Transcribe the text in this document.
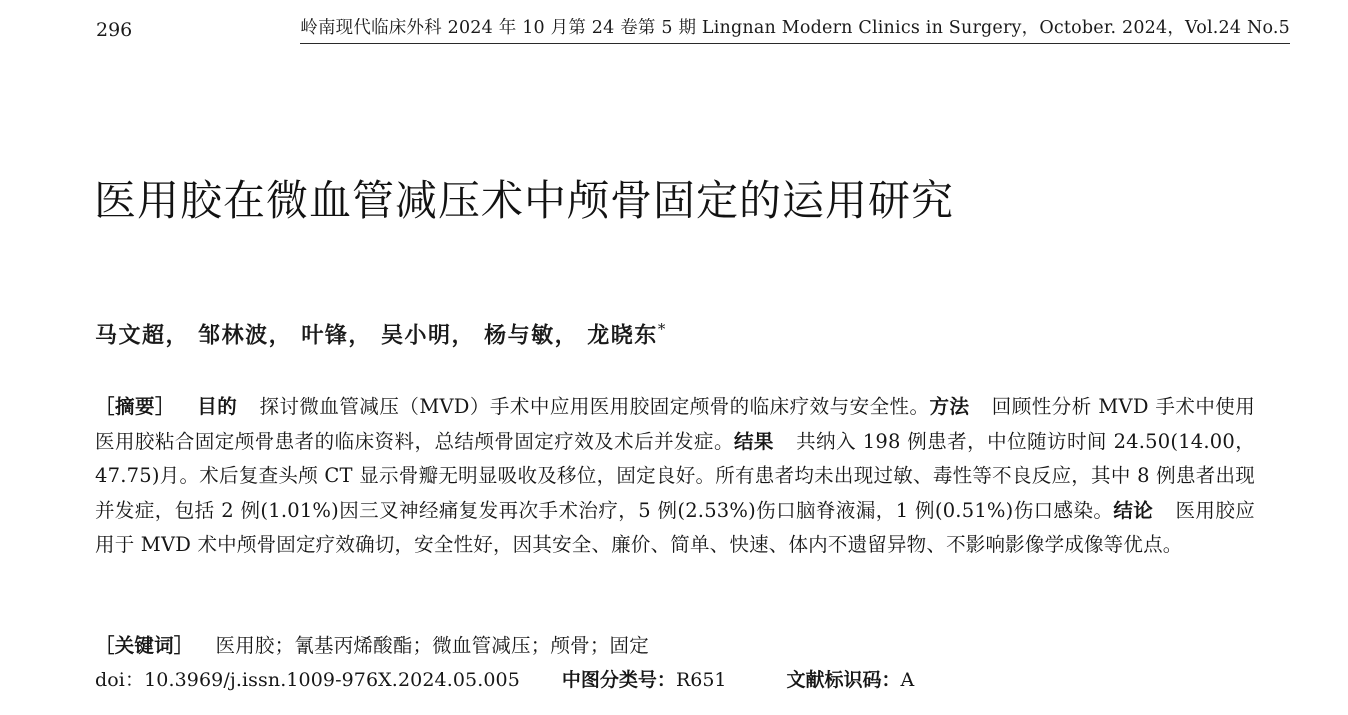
296	岭南现代临床外科 2024 年 10 月第 24 卷第 5 期 Lingnan Modern Clinics in Surgery，October. 2024，Vol.24 No.5
医用胶在微血管减压术中颅骨固定的运用研究
马文超， 邹林波， 叶锋， 吴小明， 杨与敏， 龙晓东*
［摘要］ 目的 探讨微血管减压（MVD）手术中应用医用胶固定颅骨的临床疗效与安全性。方法 回顾性分析 MVD 手术中使用医用胶粘合固定颅骨患者的临床资料，总结颅骨固定疗效及术后并发症。结果 共纳入 198 例患者，中位随访时间 24.50(14.00，47.75)月。术后复查头颅 CT 显示骨瓣无明显吸收及移位，固定良好。所有患者均未出现过敏、毒性等不良反应，其中 8 例患者出现并发症，包括 2 例(1.01%)因三叉神经痛复发再次手术治疗，5 例(2.53%)伤口脑脊液漏，1 例(0.51%)伤口感染。结论 医用胶应用于 MVD 术中颅骨固定疗效确切，安全性好，因其安全、廉价、简单、快速、体内不遗留异物、不影响影像学成像等优点。
［关键词］ 医用胶；氰基丙烯酸酯；微血管减压；颅骨；固定
doi：10.3969/j.issn.1009-976X.2024.05.005 中图分类号：R651	文献标识码：A
